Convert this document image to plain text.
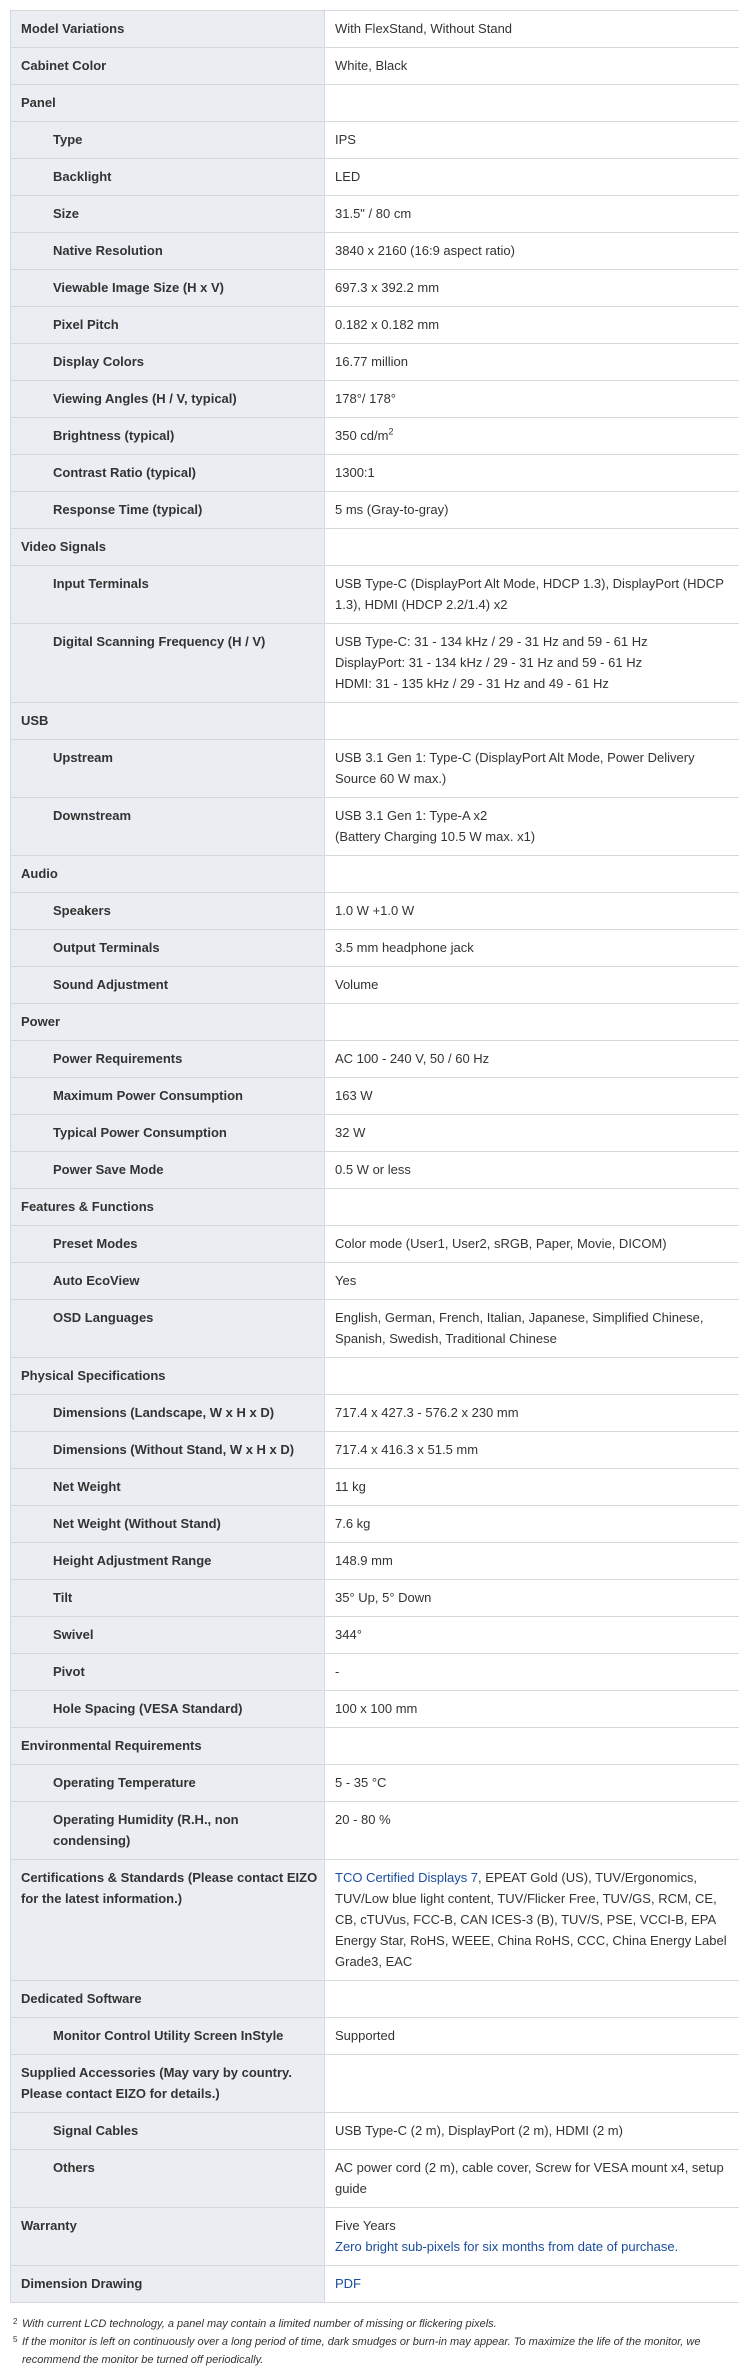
Model Variations	With FlexStand, Without Stand

Cabinet Color	White, Black

Panel	
Type	IPS

Backlight	LED

Size	31.5" / 80 cm

Native Resolution	3840 x 2160 (16:9 aspect ratio)

Viewable Image Size (H x V)	697.3 x 392.2 mm

Pixel Pitch	0.182 x 0.182 mm

Display Colors	16.77 million

Viewing Angles (H / V, typical)	178°/ 178°

Brightness (typical)	350 $cd/m^2$

Contrast Ratio (typical)	1300:1

Response Time (typical)	5 ms (Gray-to-gray)

Video Signals	
Input Terminals	USB Type-C (DisplayPort Alt Mode, HDCP 1.3), DisplayPort (HDCP 1.3), HDMI (HDCP 2.2/1.4) x2

Digital Scanning Frequency (H / V)	USB Type-C: 31 - 134 kHz / 29 - 31 Hz and 59 - 61 Hz
DisplayPort: 31 - 134 kHz / 29 - 31 Hz and 59 - 61 Hz
HDMI: 31 - 135 kHz / 29 - 31 Hz and 49 - 61 Hz

USB	
Upstream	USB 3.1 Gen 1: Type-C (DisplayPort Alt Mode, Power Delivery Source 60 W max.)

Downstream	USB 3.1 Gen 1: Type-A x2
(Battery Charging 10.5 W max. x1)

Audio	
Speakers	1.0 W +1.0 W

Output Terminals	3.5 mm headphone jack

Sound Adjustment	Volume

Power	
Power Requirements	AC 100 - 240 V, 50 / 60 Hz

Maximum Power Consumption	163 W

Typical Power Consumption	32 W

Power Save Mode	0.5 W or less

Features & Functions	
Preset Modes	Color mode (User1, User2, sRGB, Paper, Movie, DICOM)

Auto EcoView	Yes

OSD Languages	English, German, French, Italian, Japanese, Simplified Chinese, Spanish, Swedish, Traditional Chinese

Physical Specifications	
Dimensions (Landscape, W x H x D)	717.4 x 427.3 - 576.2 x 230 mm

Dimensions (Without Stand, W x H x D)	717.4 x 416.3 x 51.5 mm

Net Weight	11 kg

Net Weight (Without Stand)	7.6 kg

Height Adjustment Range	148.9 mm

Tilt	35° Up, 5° Down

Swivel	344°

Pivot	-

Hole Spacing (VESA Standard)	100 x 100 mm

Environmental Requirements	
Operating Temperature	5 - 35 °C

Operating Humidity (R.H., non condensing)	20 - 80 %

Certifications & Standards (Please contact EIZO for the latest information.)	TCO Certified Displays 7, EPEAT Gold (US), TUV/Ergonomics, TUV/Low blue light content, TUV/Flicker Free, TUV/GS, RCM, CE, CB, cTUVus, FCC-B, CAN ICES-3 (B), TUV/S, PSE, VCCI-B, EPA Energy Star, RoHS, WEEE, China RoHS, CCC, China Energy Label Grade3, EAC

Dedicated Software	
Monitor Control Utility Screen InStyle	Supported

Supplied Accessories (May vary by country. Please contact EIZO for details.)	
Signal Cables	USB Type-C (2 m), DisplayPort (2 m), HDMI (2 m)

Others	AC power cord (2 m), cable cover, Screw for VESA mount x4, setup guide

Warranty	Five Years
Zero bright sub-pixels for six months from date of purchase.

Dimension Drawing	PDF
2 With current LCD technology, a panel may contain a limited number of missing or flickering pixels.
5 If the monitor is left on continuously over a long period of time, dark smudges or burn-in may appear. To maximize the life of the monitor, we recommend the monitor be turned off periodically.
